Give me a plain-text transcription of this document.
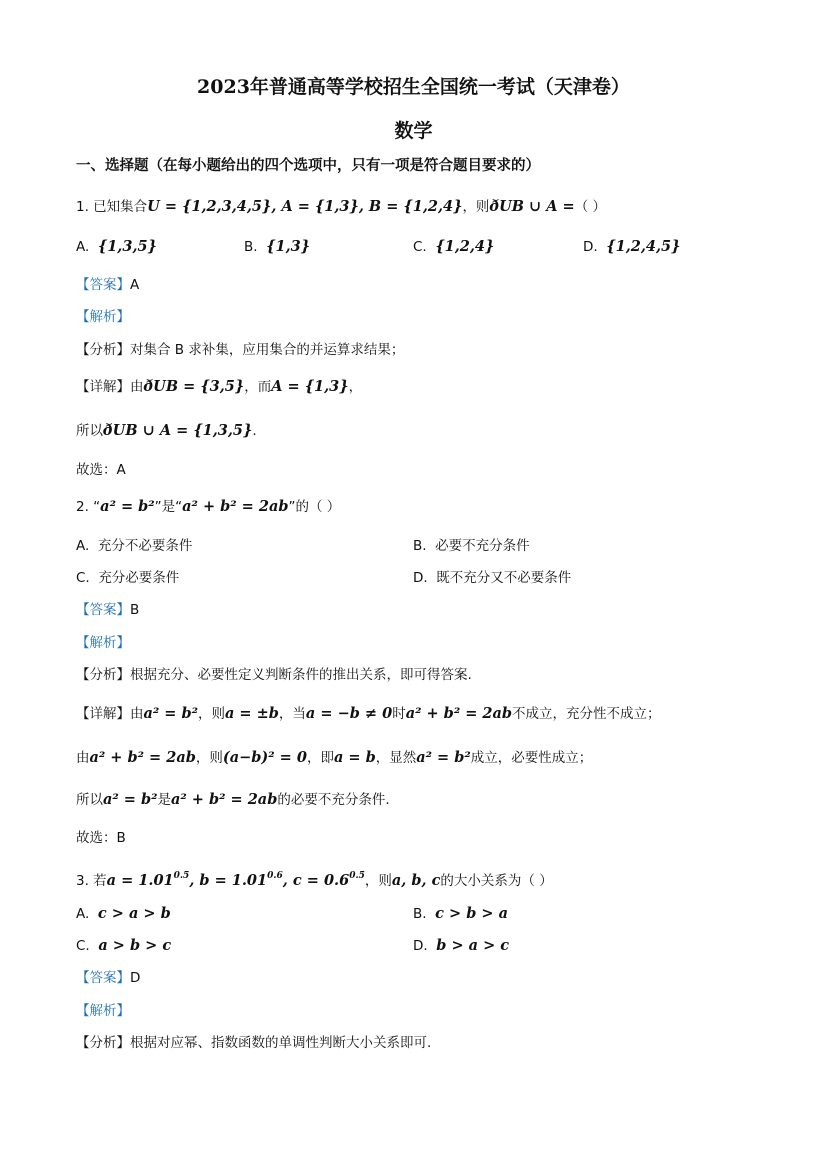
2023年普通高等学校招生全国统一考试（天津卷）
数学
一、选择题（在每小题给出的四个选项中，只有一项是符合题目要求的）
1. 已知集合U = {1,2,3,4,5}, A = {1,3}, B = {1,2,4}，则ðUB ∪ A =（ ）
A. {1,3,5}	B. {1,3}	C. {1,2,4}	D. {1,2,4,5}
【答案】A
【解析】
【分析】对集合 B 求补集，应用集合的并运算求结果；
【详解】由ðUB = {3,5}，而A = {1,3}，
所以ðUB ∪ A = {1,3,5}.
故选：A
2. “a² = b²”是“a² + b² = 2ab”的（ ）
A. 充分不必要条件	B. 必要不充分条件
C. 充分必要条件	D. 既不充分又不必要条件
【答案】B
【解析】
【分析】根据充分、必要性定义判断条件的推出关系，即可得答案.
【详解】由a² = b²，则a = ±b，当a = −b ≠ 0时a² + b² = 2ab不成立，充分性不成立；
由a² + b² = 2ab，则(a−b)² = 0，即a = b，显然a² = b²成立，必要性成立；
所以a² = b²是a² + b² = 2ab的必要不充分条件.
故选：B
3. 若$a = 1.01^{0.5}$, $b = 1.01^{0.6}$, $c = 0.6^{0.5}$，则a, b, c的大小关系为（ ）
A. c > a > b	B. c > b > a
C. a > b > c	D. b > a > c
【答案】D
【解析】
【分析】根据对应幂、指数函数的单调性判断大小关系即可.
